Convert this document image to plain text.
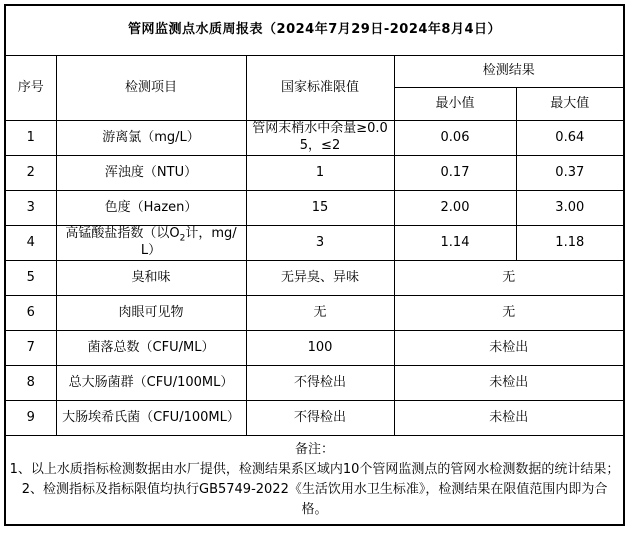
管网监测点水质周报表（2024年7月29日-2024年8月4日）				
序号	检测项目	国家标准限值	检测结果	
			最小值	最大值
1	游离氯（mg/L）	管网末梢水中余量≥0.05，≤2	0.06	0.64
2	浑浊度（NTU）	1	0.17	0.37
3	色度（Hazen）	15	2.00	3.00
4	高锰酸盐指数（以$O_2$计，mg/L）	3	1.14	1.18
5	臭和味	无异臭、异味	无	
6	肉眼可见物	无	无	
7	菌落总数（CFU/ML）	100	未检出	
8	总大肠菌群（CFU/100ML）	不得检出	未检出	
9	大肠埃希氏菌（CFU/100ML）	不得检出	未检出	

备注：
1、以上水质指标检测数据由水厂提供，检测结果系区域内10个管网监测点的管网水检测数据的统计结果；
2、检测指标及指标限值均执行GB5749-2022《生活饮用水卫生标准》，检测结果在限值范围内即为合格。				
